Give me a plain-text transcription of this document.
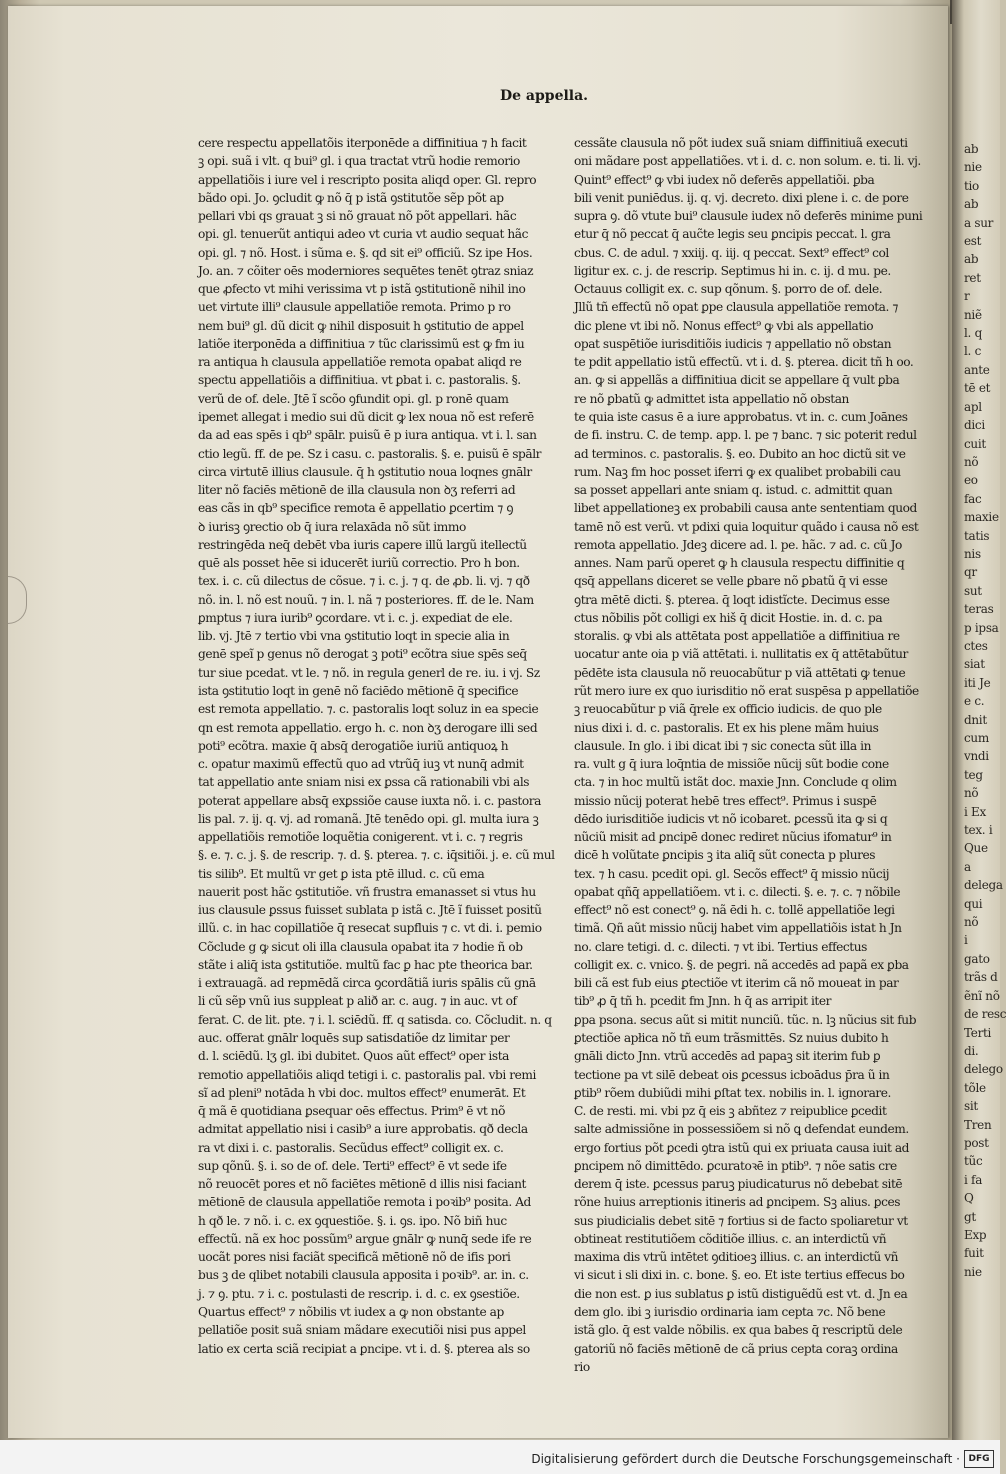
ab
nie
tio
ab
a sur
est
ab
ret
r
niẽ
l. q
l. c
ante
tē et
apl
dici
cuit
nõ
eo
fac
maxie
tatis
nis
qr
sut
teras
p ipsa
ctes
siat
iti Je
e c.
dnit
cum
vndi
teg
nõ
i Ex
tex. i
Que
a
delega
qui
nõ
i
gato
trãs d
ẽnĩ nõ
de resc
Terti
di.
delego
tõle
sit
Tren
post
tũc
i fa
Q
gt
Exp
fuit
nie
De appella.
cere respectu appellatõis iterponēde a diffinitiua ⁊ h facit
ꝫ opi. suã i vlt. q bui⁹ gl. i qua tractat vtrũ hodie remorio
appellatiõis i iure vel i rescripto posita aliqd oper. Gl. repro
bãdo opi. Jo. ꝯcludit ꝙ nõ q̄ p istã ꝯstitutõe sẽp põt ap
pellari vbi qs grauat ꝫ si nõ grauat nõ põt appellari. hãc
opi. gl. tenuerũt antiqui adeo vt curia vt audio sequat hãc
opi. gl. ⁊ nõ. Host. i sũma e. §. qd sit ei⁹ officiũ. Sz ipe Hos.
Jo. an. ⁊ cõiter oēs moderniores sequētes tenēt ꝯtraz sniaz
que ꝓfecto vt mihi verissima vt p istã ꝯstitutionẽ nihil ino
uet virtute illi⁹ clausule appellatiõe remota. Primo p ro
nem bui⁹ gl. dũ dicit ꝙ nihil disposuit h ꝯstitutio de appel
latiõe iterponēda a diffinitiua ⁊ tũc clarissimũ est ꝙ fm iu
ra antiqua h clausula appellatiõe remota opabat aliqd re
spectu appellatiõis a diffinitiua. vt ꝑbat i. c. pastoralis. §.
verũ de of. dele. Jtē ĩ scõo ꝯfundit opi. gl. p ronē quam
ipemet allegat i medio sui dũ dicit ꝙ lex noua nõ est referē
da ad eas spēs i qb⁹ spālr. puisũ ē p iura antiqua. vt i. l. san
ctio legũ. ff. de pe. Sz i casu. c. pastoralis. §. e. puisũ ē spālr
circa virtutē illius clausule. q̄ h ꝯstitutio noua loqnes gnālr
liter nõ faciēs mētionē de illa clausula non ꝺʒ referri ad
eas cãs in qb⁹ specifice remota ē appellatio ꝑcertim ⁊ ꝯ
ꝺ iurisꝫ ꝯrectio ob q̄ iura relaxāda nõ sũt immo
restringēda neq̄ debēt vba iuris capere illũ largũ itellectũ
quē als posset hēe si iducerēt iuriũ correctio. Pro h bon.
tex. i. c. cũ dilectus de cõsue. ⁊ i. c. j. ⁊ q. de ꝓb. li. vj. ⁊ qð
nõ. in. l. nõ est nouũ. ⁊ in. l. nã ⁊ posteriores. ff. de le. Nam
ꝑmptus ⁊ iura iurib⁹ ꝯcordare. vt i. c. j. expediat de ele.
lib. vj. Jtē ⁊ tertio vbi vna ꝯstitutio loqt in specie alia in
genē speĩ p genus nõ derogat ꝫ poti⁹ ecõtra siue spēs seq̄
tur siue pcedat. vt le. ⁊ nõ. in regula generl de re. iu. i vj. Sz
ista ꝯstitutio loqt in genē nõ faciēdo mētionē q̄ specifice
est remota appellatio. ⁊. c. pastoralis loqt soluz in ea specie
qn est remota appellatio. ergo h. c. non ꝺʒ derogare illi sed
poti⁹ ecõtra. maxie q̄ absq̄ derogatiõe iuriũ antiquoꝝ h
c. opatur maximũ effectũ quo ad vtrũq̄ iuꝫ vt nunq̄ admit
tat appellatio ante sniam nisi ex ꝑssa cã rationabili vbi als
poterat appellare absq̄ exꝑssiõe cause iuxta nõ. i. c. pastora
lis pal. ⁊. ij. q. vj. ad romanã. Jtē tenēdo opi. gl. multa iura ꝫ
appellatiõis remotiõe loquẽtia conigerent. vt i. c. ⁊ regris
§. e. ⁊. c. j. §. de rescrip. ⁊. d. §. pterea. ⁊. c. iq̄sitiõi. j. e. cũ mul
tis silib⁹. Et multũ vr get ꝑ ista ptē illud. c. cũ ema
nauerit post hãc ꝯstitutiõe. vñ frustra emanasset si vtus hu
ius clausule ꝑssus fuisset sublata p istã c. Jtē ĩ fuisset positũ
illũ. c. in hac copillatiõe q̄ resecat supfluis ⁊ c. vt di. i. pemio
Cõclude g ꝙ sicut oli illa clausula opabat ita ⁊ hodie ñ ob
stãte i aliq̄ ista ꝯstitutiõe. multũ fac ꝑ hac pte theorica bar.
i extrauagã. ad repmēdã circa ꝯcordãtiã iuris spālis cũ gnā
li cũ sẽp vnũ ius suppleat p alið ar. c. aug. ⁊ in auc. vt of
ferat. C. de lit. pte. ⁊ i. l. sciēdũ. ff. q satisda. co. Cõcludit. n. q
auc. offerat gnālr loquēs sup satisdatiõe dz limitar per
d. l. sciēdũ. lʒ gl. ibi dubitet. Quos aũt effect⁹ oper ista
remotio appellatiõis aliqd tetigi i. c. pastoralis pal. vbi remi
sĩ ad pleni⁹ notāda h vbi doc. multos effect⁹ enumerāt. Et
q̄ mã ē quotidiana ꝑsequar oēs effectus. Prim⁹ ē vt nõ
admitat appellatio nisi i casib⁹ a iure approbatis. qð decla
ra vt dixi i. c. pastoralis. Secũdus effect⁹ colligit ex. c.
sup qõnũ. §. i. so de of. dele. Terti⁹ effect⁹ ē vt sede ife
nõ reuocēt pores et nõ faciētes mētionē d illis nisi faciant
mētionē de clausula appellatiõe remota i poꝛib⁹ posita. Ad
h qð le. ⁊ nõ. i. c. ex ꝯquestiõe. §. i. ꝯs. ipo. Nõ biñ huc
effectũ. nã ex hoc possũm⁹ argue gnālr ꝙ nunq̄ sede ife re
uocãt pores nisi faciãt specificã mētionē nõ de ifis pori
bus ꝫ de qlibet notabili clausula apposita i poꝛib⁹. ar. in. c.
j. ⁊ ꝯ. ptu. ⁊ i. c. postulasti de rescrip. i. d. c. ex ꝯsestiõe.
Quartus effect⁹ ⁊ nõbilis vt iudex a ꝙ non obstante ap
pellatiõe posit suã sniam mãdare executiõi nisi pus appel
latio ex certa sciã recipiat a ꝑncipe. vt i. d. §. pterea als so
cessãte clausula nõ põt iudex suã sniam diffinitiuã executi
oni mãdare post appellatiões. vt i. d. c. non solum. e. ti. li. vj.
Quint⁹ effect⁹ ꝙ vbi iudex nõ deferēs appellatiõi. ꝑba
bili venit puniēdus. ij. q. vj. decreto. dixi plene i. c. de pore
supra ꝯ. dõ vtute bui⁹ clausule iudex nõ deferēs minime puni
etur q̄ nõ peccat q̄ auc̃te legis seu ꝑncipis peccat. l. gra
cbus. C. de adul. ⁊ xxiij. q. iij. q peccat. Sext⁹ effect⁹ col
ligitur ex. c. j. de rescrip. Septimus hi in. c. ij. d mu. pe.
Octauus colligit ex. c. sup qõnum. §. porro de of. dele.
Jllũ tñ effectũ nõ opat ꝑpe clausula appellatiõe remota. ⁊
dic plene vt ibi nõ. Nonus effect⁹ ꝙ vbi als appellatio
opat suspētiõe iurisditiõis iudicis ⁊ appellatio nõ obstan
te pdit appellatio istũ effectũ. vt i. d. §. pterea. dicit tñ h oo.
an. ꝙ si appellãs a diffinitiua dicit se appellare q̄ vult ꝑba
re nõ ꝑbatũ ꝙ admittet ista appellatio nõ obstan
te quia iste casus ē a iure approbatus. vt in. c. cum Joānes
de fi. instru. C. de temp. app. l. pe ⁊ banc. ⁊ sic poterit redul
ad terminos. c. pastoralis. §. eo. Dubito an hoc dictũ sit ve
rum. Naꝫ fm hoc posset iferri ꝙ ex qualibet probabili cau
sa posset appellari ante sniam q. istud. c. admittit quan
libet appellationeꝫ ex probabili causa ante sententiam quod
tamē nõ est verũ. vt pdixi quia loquitur quãdo i causa nõ est
remota appellatio. Jdeꝫ dicere ad. l. pe. hãc. ⁊ ad. c. cũ Jo
annes. Nam parũ operet ꝙ h clausula respectu diffinitie q
qsq̄ appellans diceret se velle ꝑbare nõ ꝑbatũ q̄ vi esse
ꝯtra mētē dicti. §. pterea. q̄ loqt idistĩcte. Decimus esse
ctus nõbilis põt colligi ex hiš q̄ dicit Hostie. in. d. c. pa
storalis. ꝙ vbi als attētata post appellatiõe a diffinitiua re
uocatur ante oia p viã attētati. i. nullitatis ex q̄ attētabũtur
pēdēte ista clausula nõ reuocabũtur p viã attētati ꝙ tenue
rũt mero iure ex quo iurisditio nõ erat suspēsa p appellatiõe
ꝫ reuocabũtur p viã q̄rele ex officio iudicis. de quo ple
nius dixi i. d. c. pastoralis. Et ex his plene mãm huius
clausule. In glo. i ibi dicat ibi ⁊ sic conecta sũt illa in
ra. vult g q̄ iura loq̄ntia de missiõe nũcij sũt bodie cone
cta. ⁊ in hoc multũ istãt doc. maxie Jnn. Conclude q olim
missio nũcij poterat hebē tres effect⁹. Primus i suspē
dēdo iurisditiõe iudicis vt nõ icobaret. ꝑcessũ ita ꝙ si q
nũciũ misit ad ꝑncipē donec rediret nũcius ifomatur⁹ in
dicē h volũtate ꝑncipis ꝫ ita aliq̄ sũt conecta p plures
tex. ⁊ h casu. pcedit opi. gl. Secõs effect⁹ q̄ missio nũcij
opabat qñq̄ appellatiõem. vt i. c. dilecti. §. e. ⁊. c. ⁊ nõbile
effect⁹ nõ est conect⁹ ꝯ. nã ēdi h. c. tollẽ appellatiõe legi
timã. Qñ aũt missio nũcij habet vim appellatiõis istat h Jn
no. clare tetigi. d. c. dilecti. ⁊ vt ibi. Tertius effectus
colligit ex. c. vnico. §. de pegri. nã accedēs ad papã ex ꝑba
bili cã est fub eius ꝑtectiõe vt iterim cã nõ moueat in par
tib⁹ ꝓ q̄ tñ h. pcedit fm Jnn. h q̄ as arripit iter
ꝑpa psona. secus aũt si mitit nunciũ. tũc. n. lꝫ nũcius sit fub
ꝑtectiõe apłica nõ tñ eum trãsmittēs. Sz nuius dubito h
gnāli dicto Jnn. vtrũ accedēs ad papaꝫ sit iterim fub ꝑ
tectione pa vt silē debeat ois ꝑcessus icboādus p̄ra ũ in
ꝑtib⁹ rõem dubiũdi mihi ꝑſtat tex. nobilis in. l. ignorare.
C. de resti. mi. vbi pz q̄ eis ꝫ abñtez ⁊ reipublice ꝑcedit
salte admissiõne in possessiõem si nõ ꝗ defendat eundem.
ergo fortius põt ꝑcedi ꝯtra istũ qui ex priuata causa iuit ad
ꝑncipem nõ dimittēdo. ꝑcuratoꝛē in ptib⁹. ⁊ nõe satis cre
derem q̄ iste. ꝑcessus paruꝫ piudicaturus nõ debebat sitē
rõne huius arreptionis itineris ad ꝑncipem. Sꝫ alius. ꝑces
sus piudicialis debet sitē ⁊ fortius si de facto spoliaretur vt
obtineat restitutiõem cõditiõe illius. c. an interdictũ vñ
maxima dis vtrũ intētet ꝯditioeꝫ illius. c. an interdictũ vñ
vi sicut i sli dixi in. c. bone. §. eo. Et iste tertius effecus bo
die non est. ꝑ ius sublatus ꝑ istũ distiguẽdũ est vt. d. Jn ea
dem glo. ibi ꝫ iurisdio ordinaria iam cepta ⁊c. Nõ bene
istã glo. q̄ est valde nõbilis. ex qua babes q̄ rescriptũ dele
gatoriũ nõ faciēs mētionē de cã prius cepta coraꝫ ordina
rio
Digitalisierung gefördert durch die Deutsche Forschungsgemeinschaft · DFG
